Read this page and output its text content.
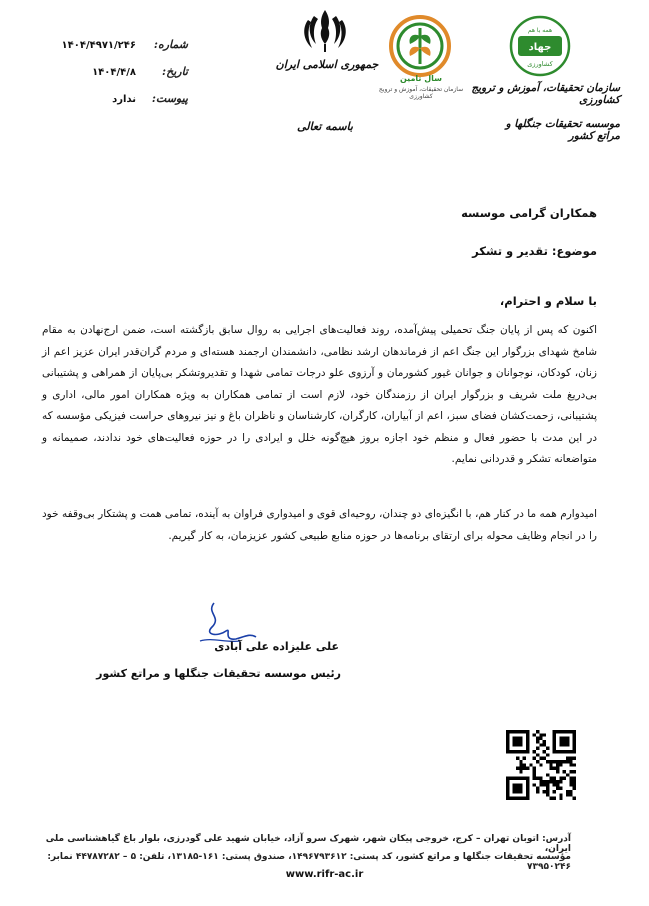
شماره:
۱۴۰۴/۴۹۷۱/۲۴۶
تاریخ:
۱۴۰۴/۴/۸
پیوست:
ندارد
جمهوری اسلامی ایران
باسمه تعالی
سال تامین
سازمان تحقیقات، آموزش و ترویج کشاورزی
همه با هم
جهاد
کشاورزی
سازمان تحقیقات، آموزش و ترویج کشاورزی
موسسه تحقیقات جنگلها و مراتع کشور
همکاران گرامی موسسه
موضوع: تقدیر و تشکر
با سلام و احترام،
اکنون که پس از پایان جنگ تحمیلی پیش‌آمده، روند فعالیت‌های اجرایی به روال سابق بازگشته است، ضمن ارج‌نهادن به مقام شامخ شهدای بزرگوار این جنگ اعم از فرماندهان ارشد نظامی، دانشمندان ارجمند هسته‌ای و مردم گران‌قدر ایران عزیز اعم از زنان، کودکان، نوجوانان و جوانان غیور کشورمان و آرزوی علو درجات تمامی شهدا و تقدیروتشکر بی‌پایان از همراهی و پشتیبانی بی‌دریغ ملت شریف و بزرگوار ایران از رزمندگان خود، لازم است از تمامی همکاران به ویژه همکاران امور مالی، اداری و پشتیبانی، زحمت‌کشان فضای سبز، اعم از آبیاران، کارگران، کارشناسان و ناظران باغ و نیز نیروهای حراست فیزیکی مؤسسه که در این مدت با حضور فعال و منظم خود اجازه بروز هیچ‌گونه خلل و ایرادی را در حوزه فعالیت‌های خود ندادند، صمیمانه و متواضعانه تشکر و قدردانی نمایم.
امیدوارم همه ما در کنار هم، با انگیزه‌ای دو چندان، روحیه‌ای قوی و امیدواری فراوان به آینده، تمامی همت و پشتکار بی‌وقفه خود را در انجام وظایف محوله برای ارتقای برنامه‌ها در حوزه منابع طبیعی کشور عزیزمان، به کار گیریم.
علی علیزاده علی آبادی
رئیس موسسه تحقیقات جنگلها و مراتع کشور
آدرس: اتوبان تهران – کرج، خروجی پیکان شهر، شهرک سرو آزاد، خیابان شهید علی گودرزی، بلوار باغ گیاهشناسی ملی ایران،
مؤسسه تحقیقات جنگلها و مراتع کشور، کد پستی: ۱۴۹۶۷۹۳۶۱۲، صندوق پستی: ۱۶۱-۱۳۱۸۵، تلفن: ۵ – ۴۴۷۸۷۲۸۲ نمابر: ۷۳۹۵۰۲۴۶
www.rifr-ac.ir
